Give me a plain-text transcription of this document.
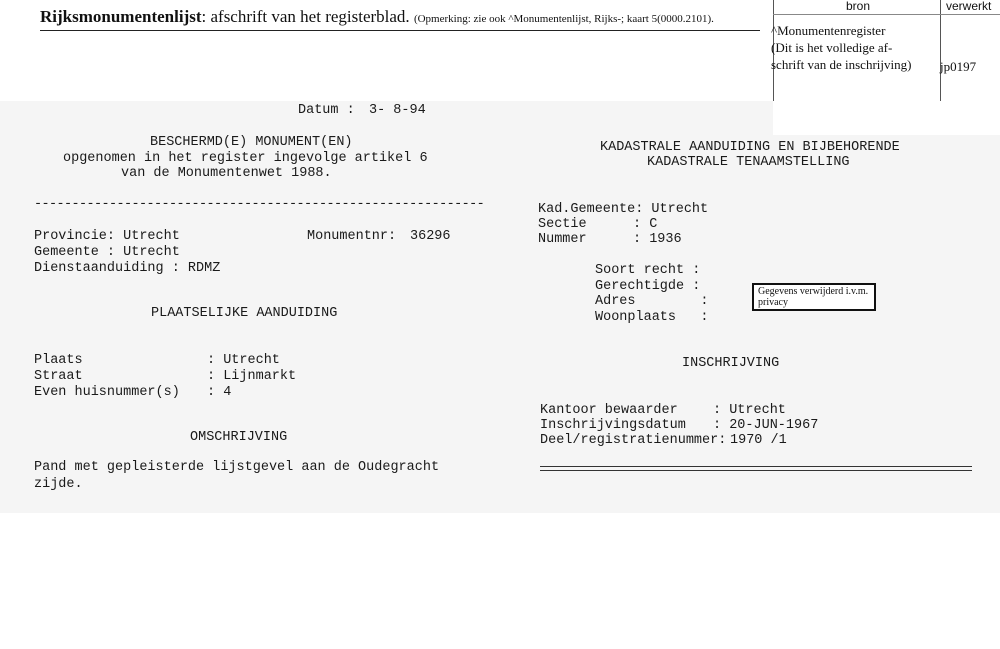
Rijksmonumentenlijst: afschrift van het registerblad. (Opmerking: zie ook ^Monumentenlijst, Rijks-; kaart 5(0000.2101).
bron	verwerkt
^Monumentenregister
(Dit is het volledige af-
schrift van de inschrijving) jp0197
Datum : 3- 8-94
BESCHERMD(E) MONUMENT(EN)
opgenomen in het register ingevolge artikel 6
van de Monumentenwet 1988.
------------------------------------------------------------
Provincie: Utrecht
Gemeente : Utrecht
Dienstaanduiding : RDMZ
Monumentnr: 36296
PLAATSELIJKE AANDUIDING
Plaats	: Utrecht
Straat	: Lijnmarkt
Even huisnummer(s) : 4
OMSCHRIJVING
Pand met gepleisterde lijstgevel aan de Oudegracht
zijde.
KADASTRALE AANDUIDING EN BIJBEHORENDE
KADASTRALE TENAAMSTELLING
Kad.Gemeente: Utrecht
Sectie	: C
Nummer	: 1936
Soort recht :
Gerechtigde :
Adres        :
Woonplaats   :
Gegevens verwijderd i.v.m. privacy
INSCHRIJVING
Kantoor bewaarder	: Utrecht
Inschrijvingsdatum : 20-JUN-1967
Deel/registratienummer: 1970 /1
